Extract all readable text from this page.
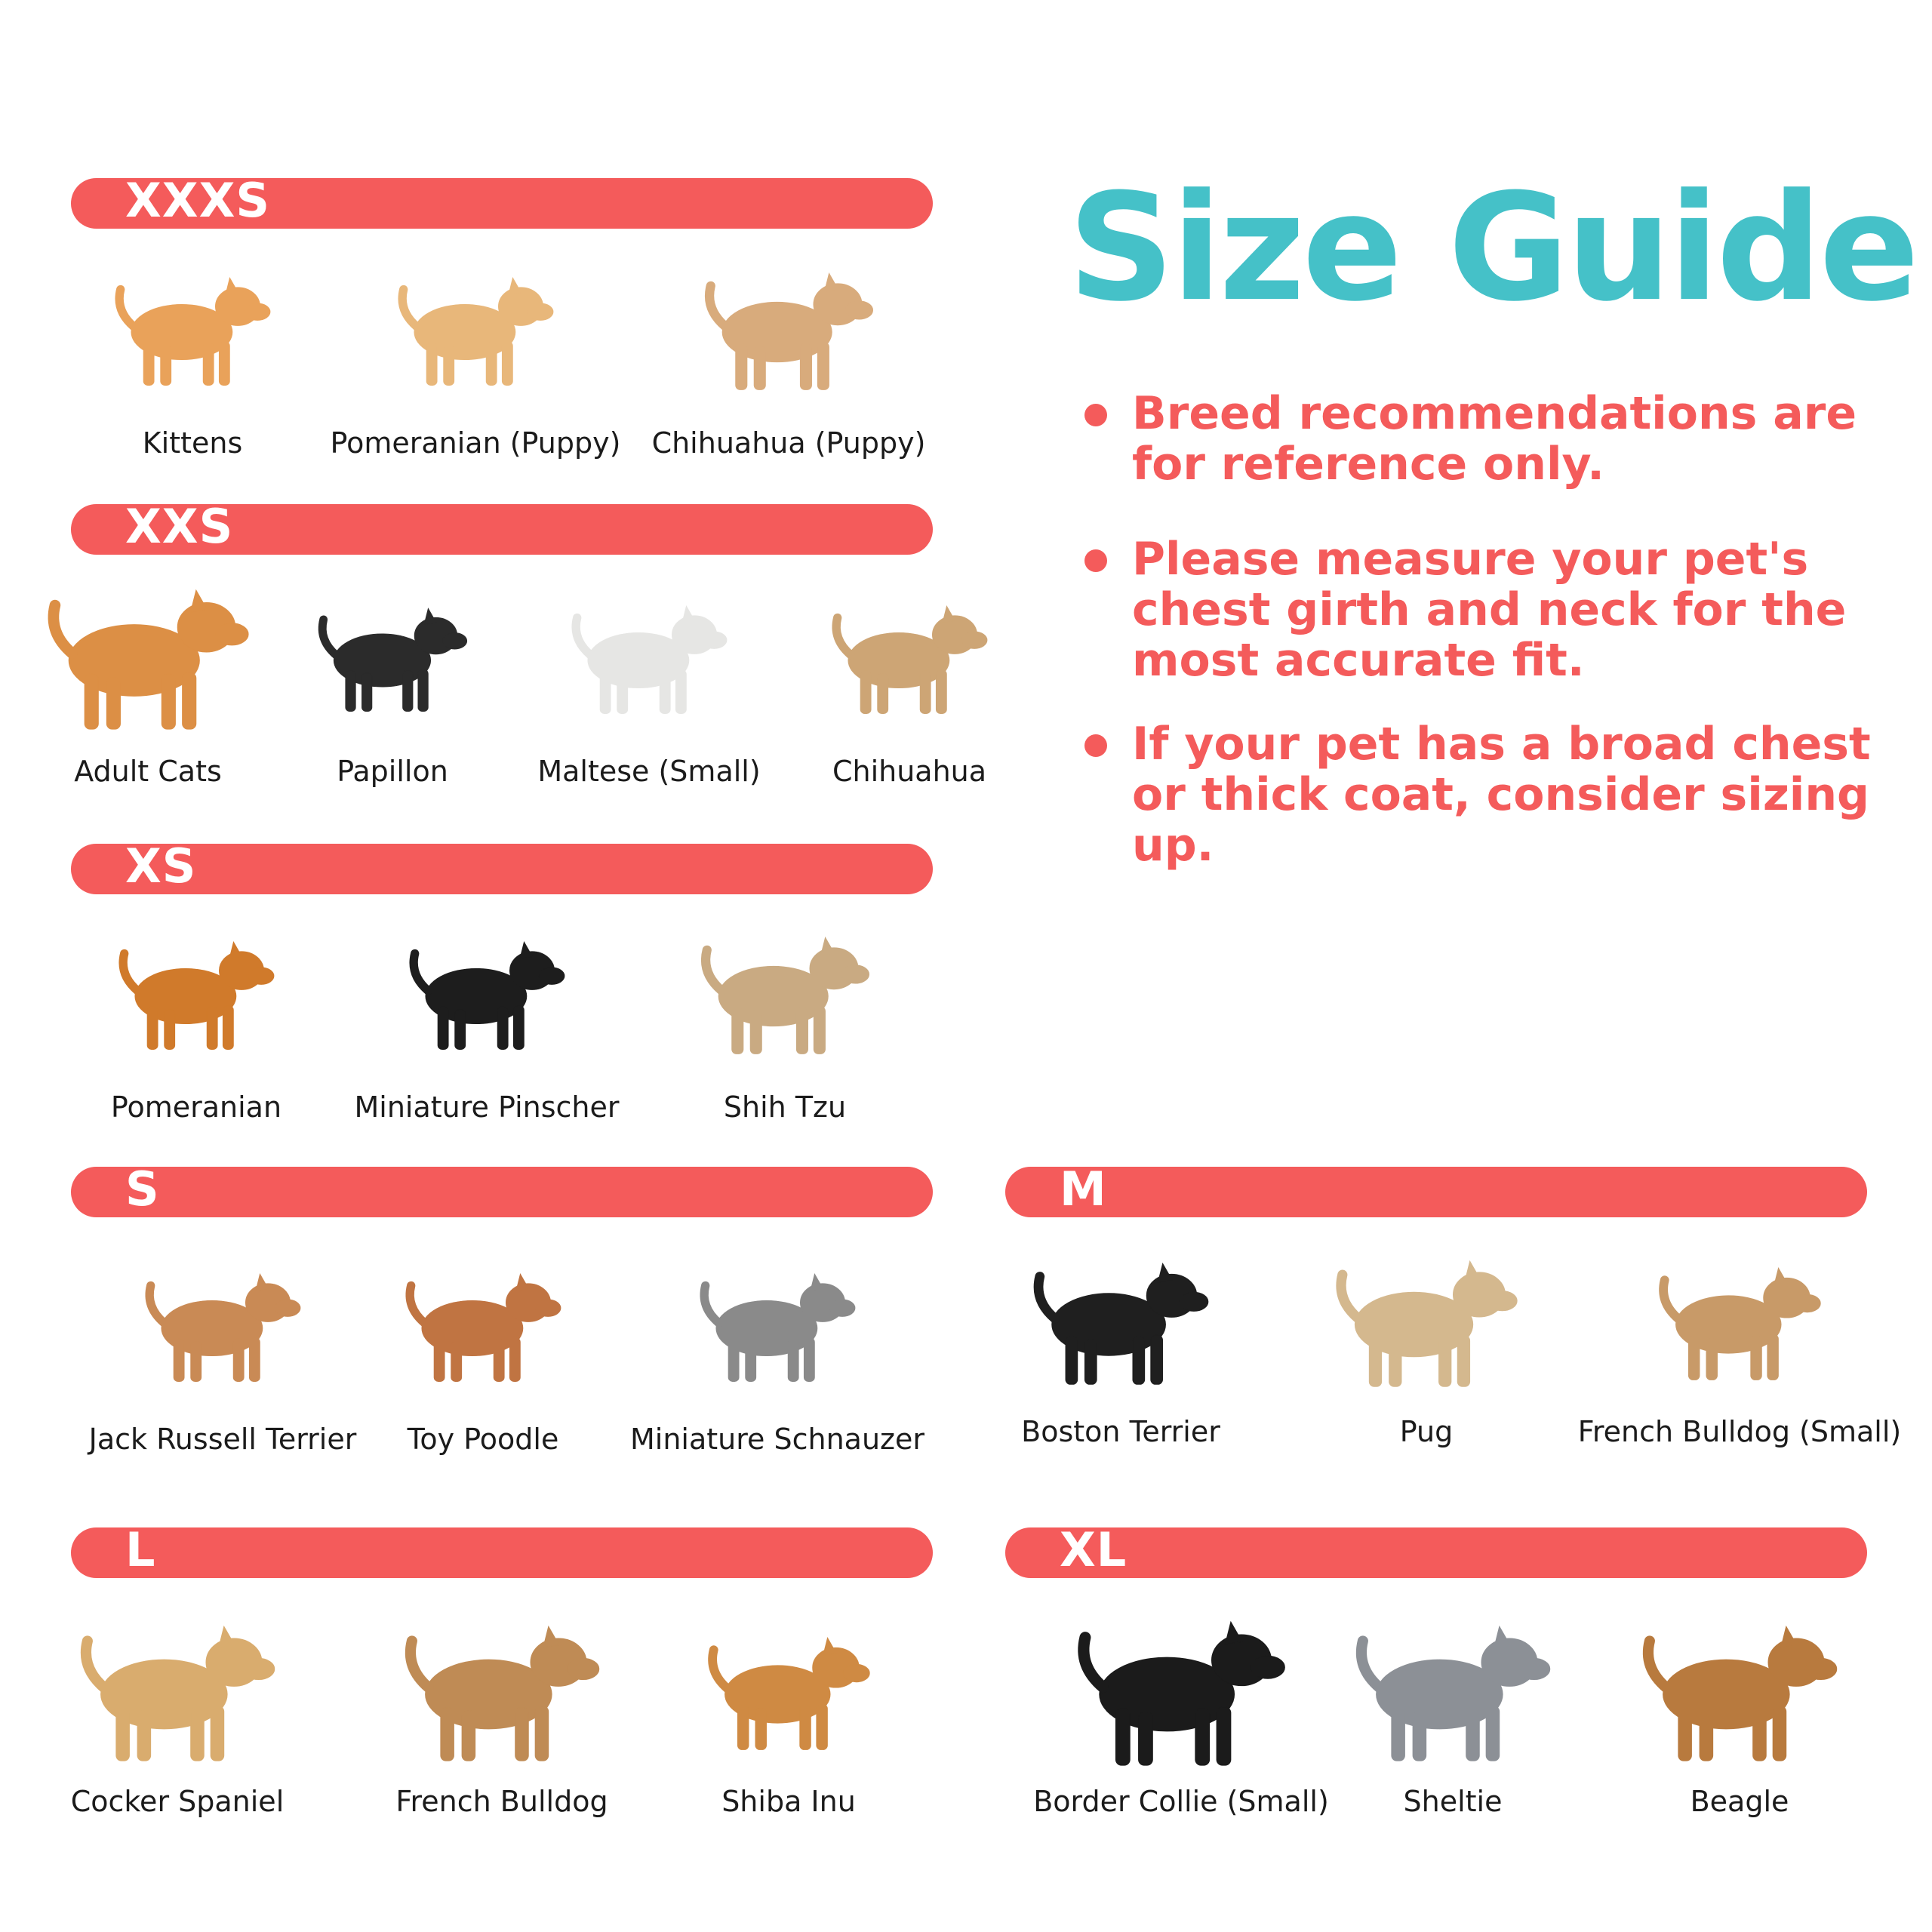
Size Guide
Breed recommendations are for reference only.
Please measure your pet's chest girth and neck for the most accurate fit.
If your pet has a broad chest or thick coat, consider sizing up.
XXXS
Kittens	Pomeranian (Puppy)	Chihuahua (Puppy)
XXS
Adult Cats	Papillon	Maltese (Small)	Chihuahua
XS
Pomeranian	Miniature Pinscher	Shih Tzu
S
Jack Russell Terrier	Toy Poodle	Miniature Schnauzer
M
Boston Terrier	Pug	French Bulldog (Small)
L
Cocker Spaniel	French Bulldog	Shiba Inu
XL
Border Collie (Small)	Sheltie	Beagle
